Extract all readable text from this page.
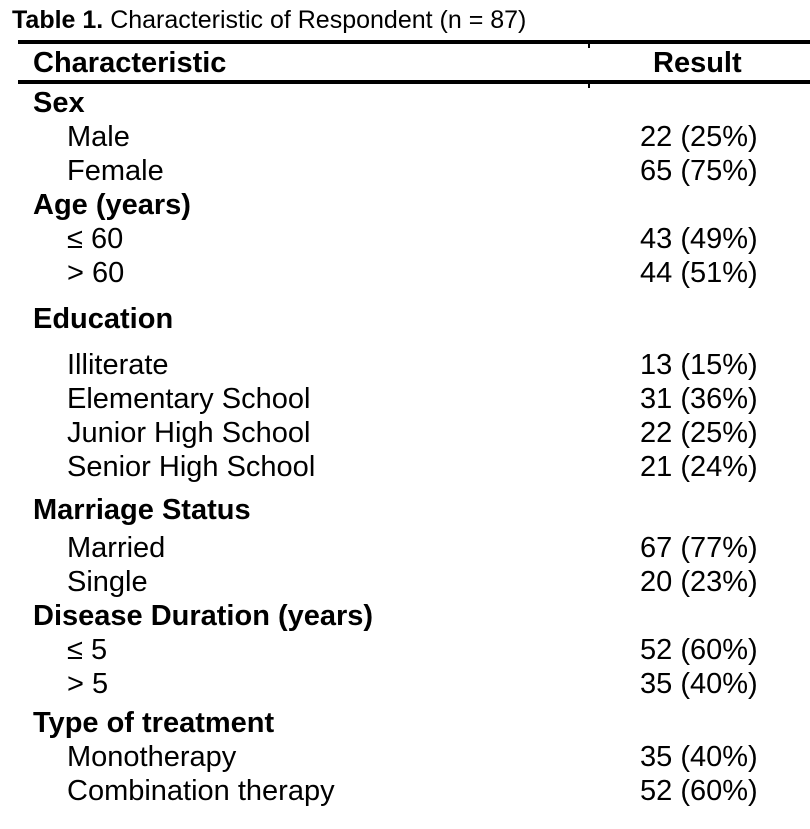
Table 1. Characteristic of Respondent (n = 87)
Characteristic	Result
Sex
Male	22 (25%)
Female	65 (75%)
Age (years)
≤ 60	43 (49%)
> 60	44 (51%)
Education
Illiterate	13 (15%)
Elementary School	31 (36%)
Junior High School	22 (25%)
Senior High School	21 (24%)
Marriage Status
Married	67 (77%)
Single	20 (23%)
Disease Duration (years)
≤ 5	52 (60%)
> 5	35 (40%)
Type of treatment
Monotherapy	35 (40%)
Combination therapy	52 (60%)
